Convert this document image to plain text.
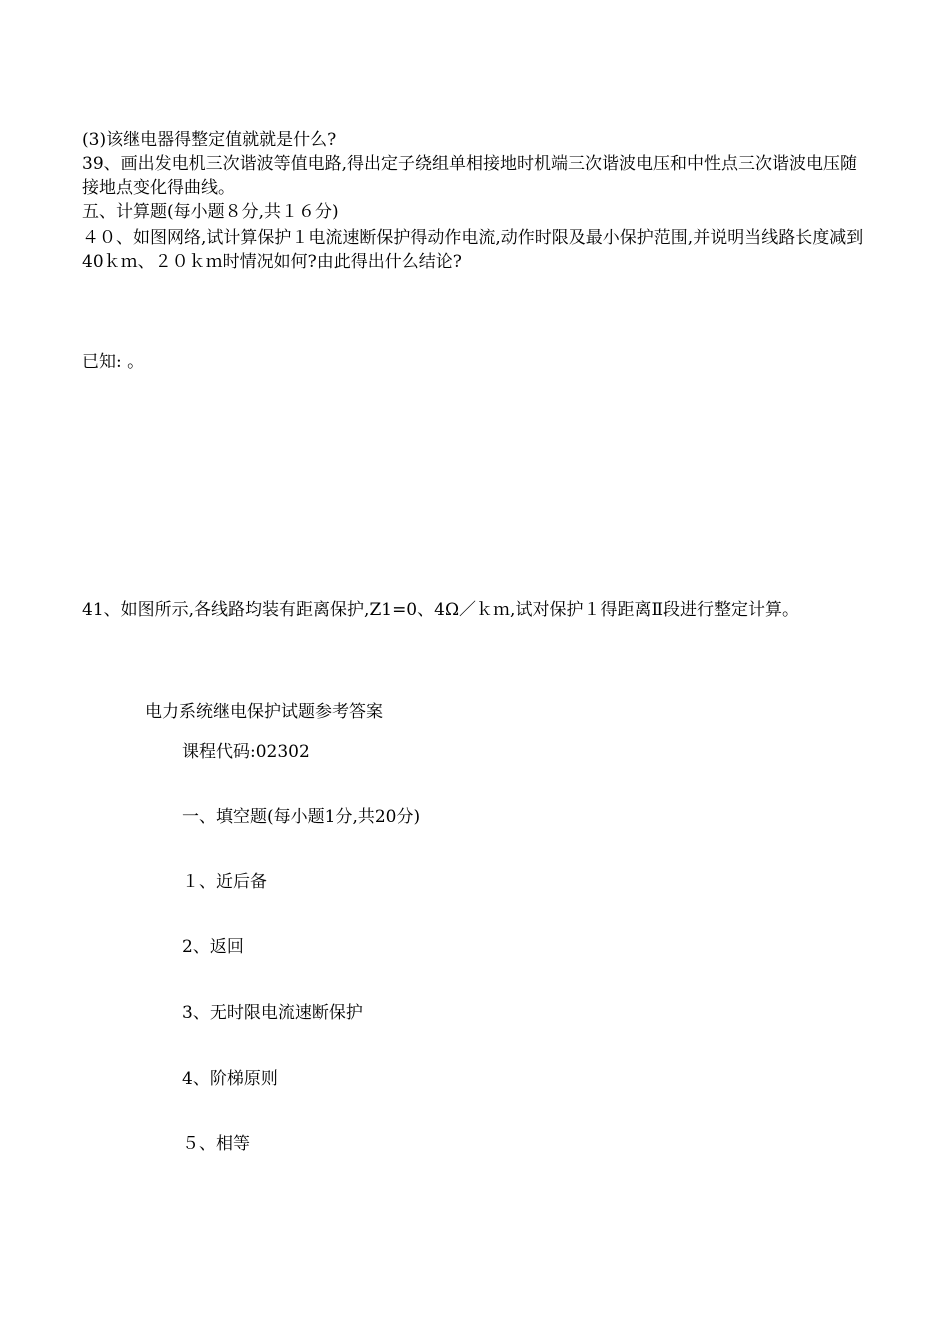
(3)该继电器得整定值就就是什么?
39、画出发电机三次谐波等值电路,得出定子绕组单相接地时机端三次谐波电压和中性点三次谐波电压随接地点变化得曲线。
五、计算题(每小题８分,共１６分)
４０、如图网络,试计算保护１电流速断保护得动作电流,动作时限及最小保护范围,并说明当线路长度减到40ｋｍ、２０ｋｍ时情况如何?由此得出什么结论?
已知: 。
41、如图所示,各线路均装有距离保护,Z1=0、4Ω／ｋｍ,试对保护１得距离Ⅱ段进行整定计算。
电力系统继电保护试题参考答案
课程代码:02302
一、填空题(每小题1分,共20分)
１、近后备
2、返回
3、无时限电流速断保护
4、阶梯原则
５、相等
